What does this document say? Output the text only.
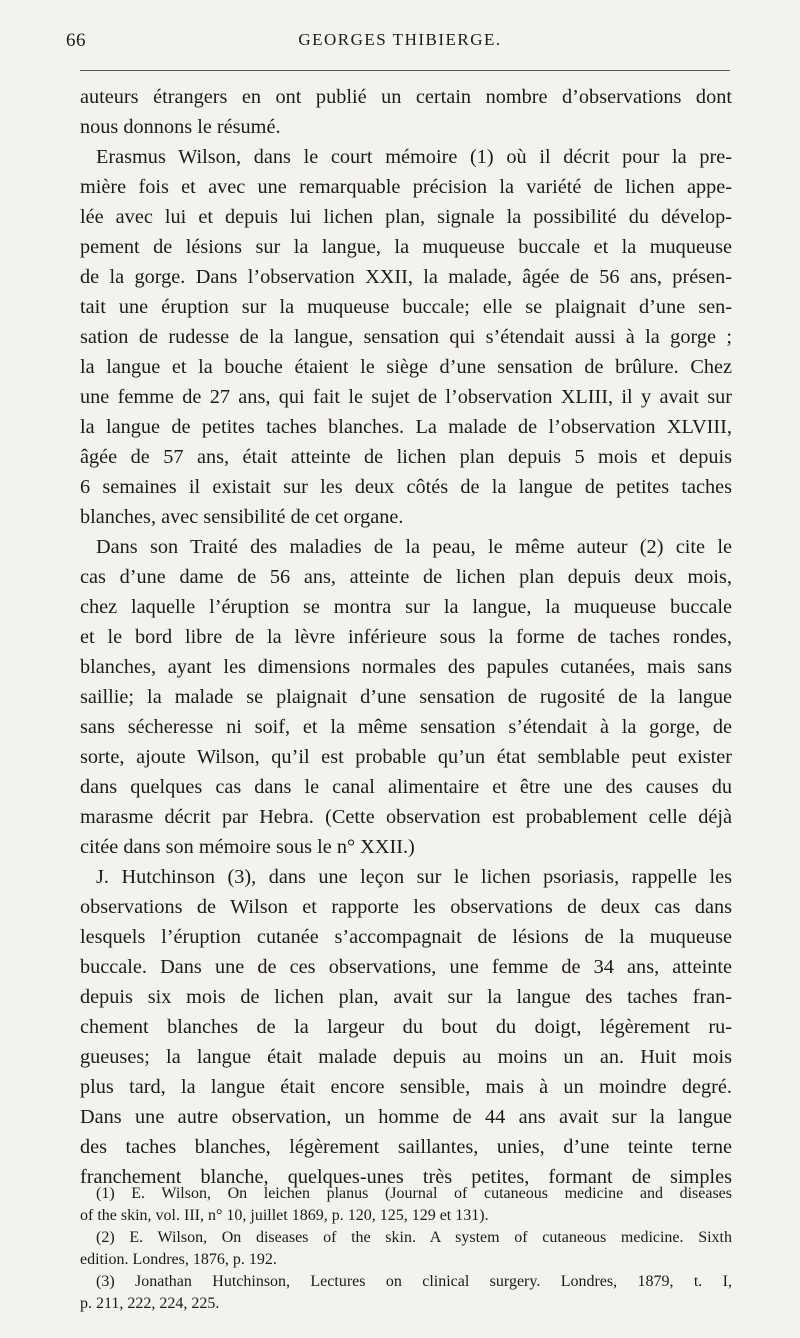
66	GEORGES THIBIERGE.
auteurs étrangers en ont publié un certain nombre d’observations dont
nous donnons le résumé.
Erasmus Wilson, dans le court mémoire (1) où il décrit pour la pre-
mière fois et avec une remarquable précision la variété de lichen appe-
lée avec lui et depuis lui lichen plan, signale la possibilité du dévelop-
pement de lésions sur la langue, la muqueuse buccale et la muqueuse
de la gorge. Dans l’observation XXII, la malade, âgée de 56 ans, présen-
tait une éruption sur la muqueuse buccale; elle se plaignait d’une sen-
sation de rudesse de la langue, sensation qui s’étendait aussi à la gorge ;
la langue et la bouche étaient le siège d’une sensation de brûlure. Chez
une femme de 27 ans, qui fait le sujet de l’observation XLIII, il y avait sur
la langue de petites taches blanches. La malade de l’observation XLVIII,
âgée de 57 ans, était atteinte de lichen plan depuis 5 mois et depuis
6 semaines il existait sur les deux côtés de la langue de petites taches
blanches, avec sensibilité de cet organe.
Dans son Traité des maladies de la peau, le même auteur (2) cite le
cas d’une dame de 56 ans, atteinte de lichen plan depuis deux mois,
chez laquelle l’éruption se montra sur la langue, la muqueuse buccale
et le bord libre de la lèvre inférieure sous la forme de taches rondes,
blanches, ayant les dimensions normales des papules cutanées, mais sans
saillie; la malade se plaignait d’une sensation de rugosité de la langue
sans sécheresse ni soif, et la même sensation s’étendait à la gorge, de
sorte, ajoute Wilson, qu’il est probable qu’un état semblable peut exister
dans quelques cas dans le canal alimentaire et être une des causes du
marasme décrit par Hebra. (Cette observation est probablement celle déjà
citée dans son mémoire sous le n° XXII.)
J. Hutchinson (3), dans une leçon sur le lichen psoriasis, rappelle les
observations de Wilson et rapporte les observations de deux cas dans
lesquels l’éruption cutanée s’accompagnait de lésions de la muqueuse
buccale. Dans une de ces observations, une femme de 34 ans, atteinte
depuis six mois de lichen plan, avait sur la langue des taches fran-
chement blanches de la largeur du bout du doigt, légèrement ru-
gueuses; la langue était malade depuis au moins un an. Huit mois
plus tard, la langue était encore sensible, mais à un moindre degré.
Dans une autre observation, un homme de 44 ans avait sur la langue
des taches blanches, légèrement saillantes, unies, d’une teinte terne
franchement blanche, quelques-unes très petites, formant de simples
(1) E. Wilson, On leichen planus (Journal of cutaneous medicine and diseases
of the skin, vol. III, n° 10, juillet 1869, p. 120, 125, 129 et 131).
(2) E. Wilson, On diseases of the skin. A system of cutaneous medicine. Sixth
edition. Londres, 1876, p. 192.
(3) Jonathan Hutchinson, Lectures on clinical surgery. Londres, 1879, t. I,
p. 211, 222, 224, 225.
